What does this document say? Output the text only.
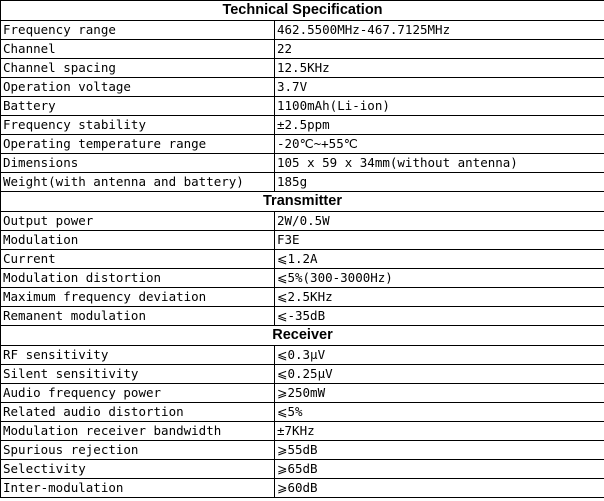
Technical Specification	
Frequency range	462.5500MHz-467.7125MHz
Channel	22
Channel spacing	12.5KHz
Operation voltage	3.7V
Battery	1100mAh(Li-ion)
Frequency stability	±2.5ppm
Operating temperature range	-20℃~+55℃
Dimensions	105 x 59 x 34mm(without antenna)
Weight(with antenna and battery)	185g
Transmitter	
Output power	2W/0.5W
Modulation	F3E
Current	⩽1.2A
Modulation distortion	⩽5%(300-3000Hz)
Maximum frequency deviation	⩽2.5KHz
Remanent modulation	⩽-35dB
Receiver	
RF sensitivity	⩽0.3μV
Silent sensitivity	⩽0.25μV
Audio frequency power	⩾250mW
Related audio distortion	⩽5%
Modulation receiver bandwidth	±7KHz
Spurious rejection	⩾55dB
Selectivity	⩾65dB
Inter-modulation	⩾60dB
